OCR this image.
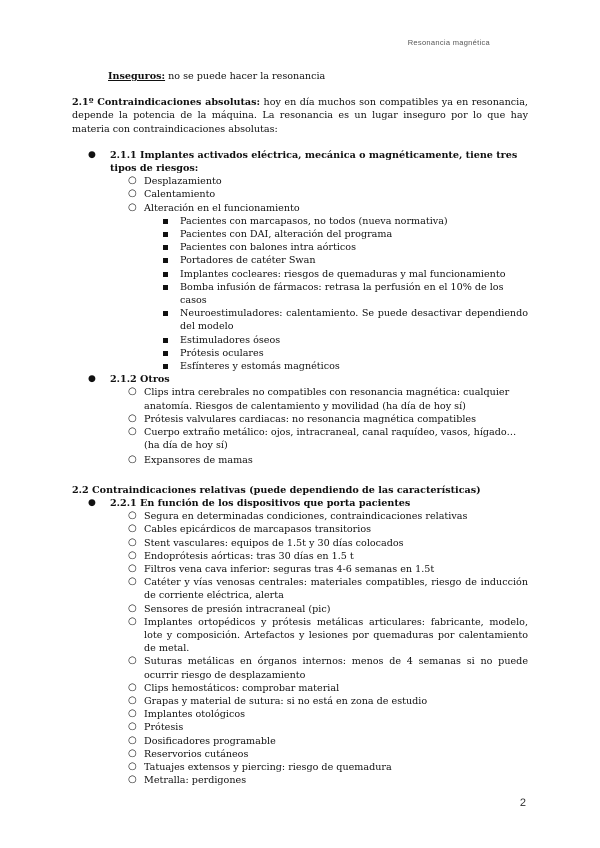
Resonancia magnética
Inseguros: no se puede hacer la resonancia
2.1º Contraindicaciones absolutas: hoy en día muchos son compatibles ya en resonancia, depende la potencia de la máquina. La resonancia es un lugar inseguro por lo que hay materia con contraindicaciones absolutas:
● 2.1.1 Implantes activados eléctrica, mecánica o magnéticamente, tiene tres tipos de riesgos:
○ Desplazamiento
○ Calentamiento
○ Alteración en el funcionamiento
Pacientes con marcapasos, no todos (nueva normativa)
Pacientes con DAI, alteración del programa
Pacientes con balones intra aórticos
Portadores de catéter Swan
Implantes cocleares: riesgos de quemaduras y mal funcionamiento
Bomba infusión de fármacos: retrasa la perfusión en el 10% de los casos
Neuroestimuladores: calentamiento. Se puede desactivar dependiendo del modelo
Estimuladores óseos
Prótesis oculares
Esfínteres y estomás magnéticos
● 2.1.2 Otros
○ Clips intra cerebrales no compatibles con resonancia magnética: cualquier anatomía. Riesgos de calentamiento y movilidad (ha día de hoy sí)
○ Prótesis valvulares cardiacas: no resonancia magnética compatibles
○ Cuerpo extraño metálico: ojos, intracraneal, canal raquídeo, vasos, hígado… (ha día de hoy sí)
○ Expansores de mamas
2.2 Contraindicaciones relativas (puede dependiendo de las características)
● 2.2.1 En función de los dispositivos que porta pacientes
○ Segura en determinadas condiciones, contraindicaciones relativas
○ Cables epicárdicos de marcapasos transitorios
○ Stent vasculares: equipos de 1.5t y 30 días colocados
○ Endoprótesis aórticas: tras 30 días en 1.5 t
○ Filtros vena cava inferior: seguras tras 4-6 semanas en 1.5t
○ Catéter y vías venosas centrales: materiales compatibles, riesgo de inducción de corriente eléctrica, alerta
○ Sensores de presión intracraneal (pic)
○ Implantes ortopédicos y prótesis metálicas articulares: fabricante, modelo, lote y composición. Artefactos y lesiones por quemaduras por calentamiento de metal.
○ Suturas metálicas en órganos internos: menos de 4 semanas si no puede ocurrir riesgo de desplazamiento
○ Clips hemostáticos: comprobar material
○ Grapas y material de sutura: si no está en zona de estudio
○ Implantes otológicos
○ Prótesis
○ Dosificadores programable
○ Reservorios cutáneos
○ Tatuajes extensos y piercing: riesgo de quemadura
○ Metralla: perdigones
2
